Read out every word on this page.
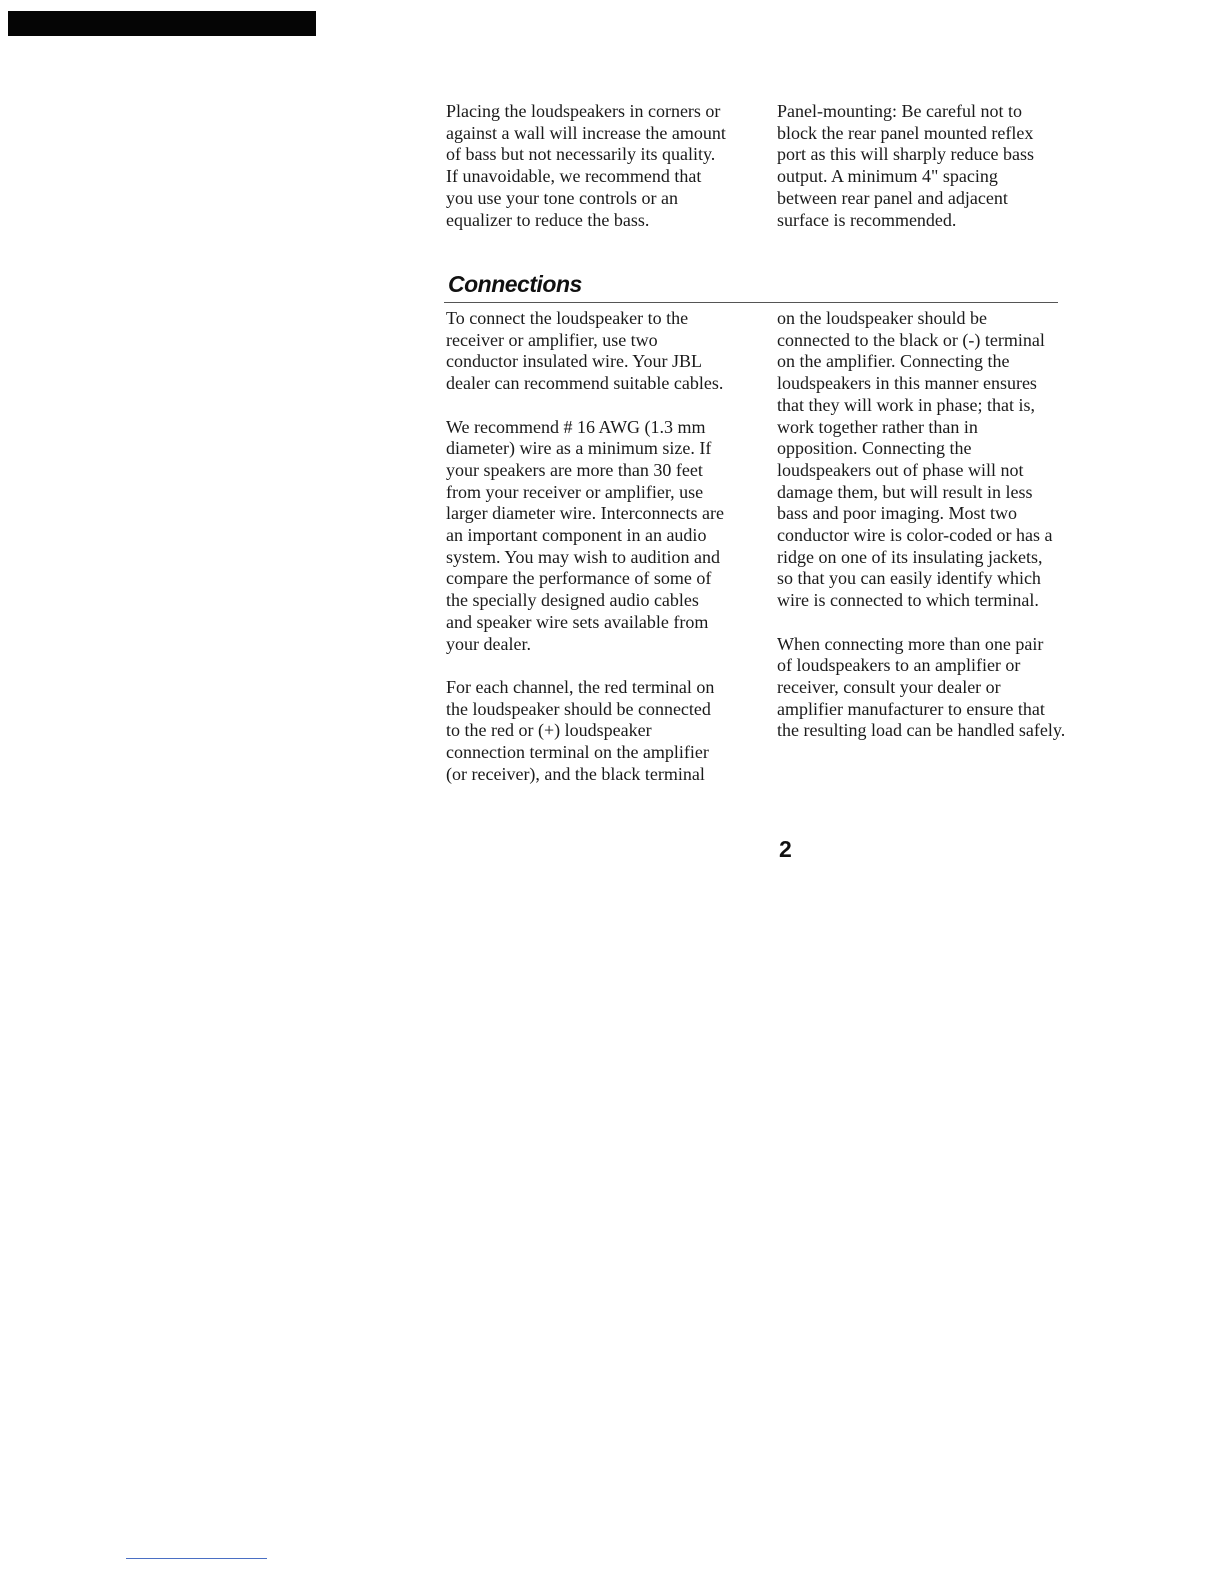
Placing the loudspeakers in corners or
against a wall will increase the amount
of bass but not necessarily its quality.
If unavoidable, we recommend that
you use your tone controls or an
equalizer to reduce the bass.

Panel-mounting: Be careful not to
block the rear panel mounted reflex
port as this will sharply reduce bass
output. A minimum 4" spacing
between rear panel and adjacent
surface is recommended.

Connections

To connect the loudspeaker to the
receiver or amplifier, use two
conductor insulated wire. Your JBL
dealer can recommend suitable cables.

We recommend # 16 AWG (1.3 mm
diameter) wire as a minimum size. If
your speakers are more than 30 feet
from your receiver or amplifier, use
larger diameter wire. Interconnects are
an important component in an audio
system. You may wish to audition and
compare the performance of some of
the specially designed audio cables
and speaker wire sets available from
your dealer.

For each channel, the red terminal on
the loudspeaker should be connected
to the red or (+) loudspeaker
connection terminal on the amplifier
(or receiver), and the black terminal

on the loudspeaker should be
connected to the black or (-) terminal
on the amplifier. Connecting the
loudspeakers in this manner ensures
that they will work in phase; that is,
work together rather than in
opposition. Connecting the
loudspeakers out of phase will not
damage them, but will result in less
bass and poor imaging. Most two
conductor wire is color-coded or has a
ridge on one of its insulating jackets,
so that you can easily identify which
wire is connected to which terminal.

When connecting more than one pair
of loudspeakers to an amplifier or
receiver, consult your dealer or
amplifier manufacturer to ensure that
the resulting load can be handled safely.

2
